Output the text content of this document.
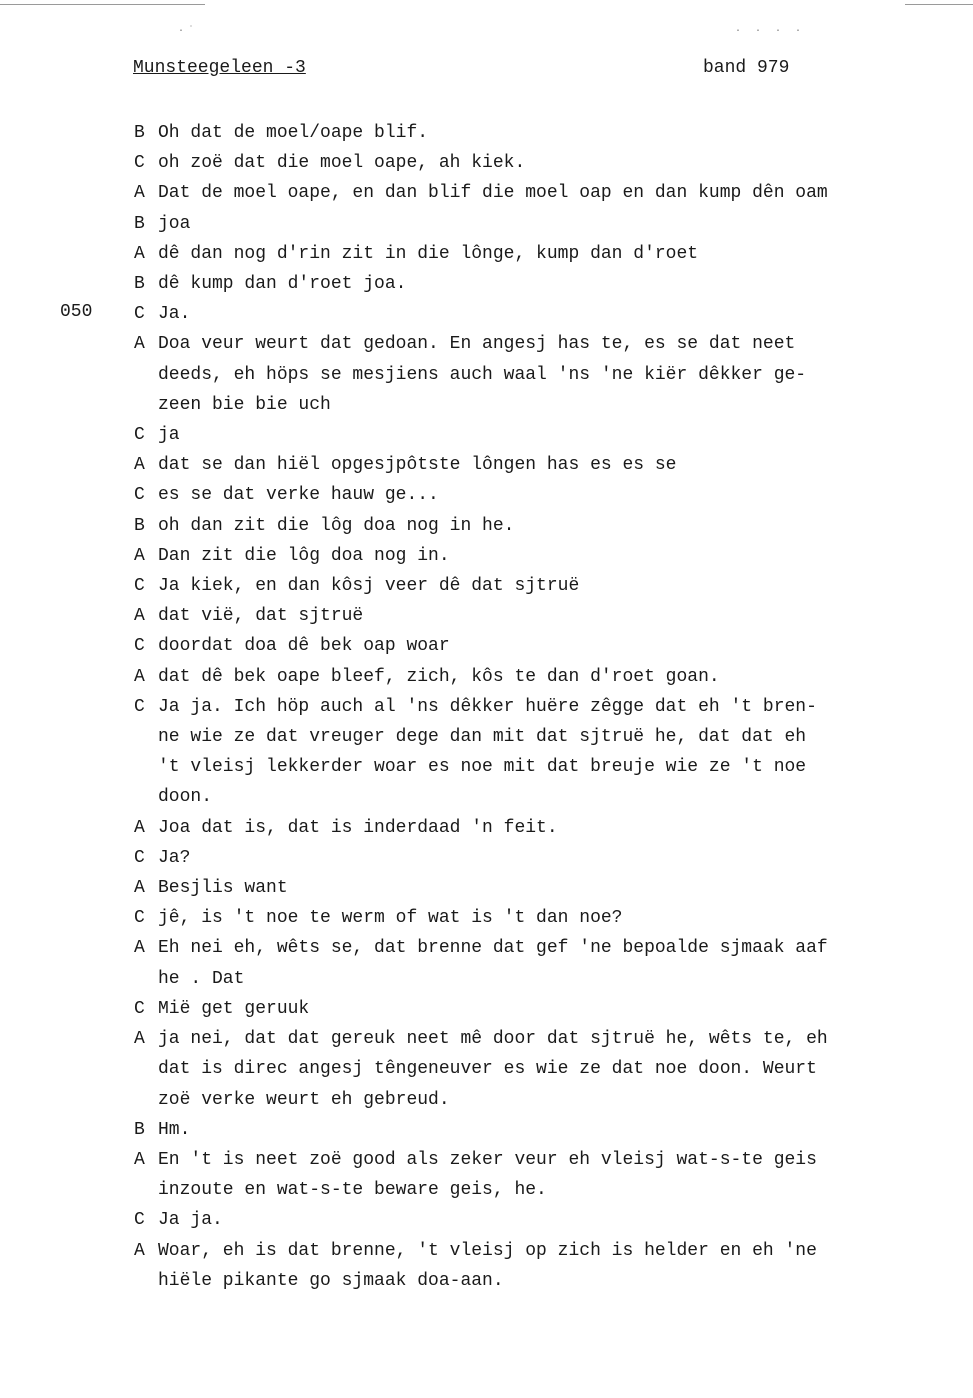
·˙	· · · ·
Munsteegeleen -3	band 979
050
B Oh dat de moel/oape blif.
C oh zoë dat die moel oape, ah kiek.
A Dat de moel oape, en dan blif die moel oap en dan kump dên oam
B joa
A dê dan nog d'rin zit in die lônge, kump dan d'roet
B dê kump dan d'roet joa.
C Ja.
A Doa veur weurt dat gedoan. En angesj has te, es se dat neet
deeds, eh höps se mesjiens auch waal 'ns 'ne kiër dêkker ge-
zeen bie bie uch
C ja
A dat se dan hiël opgesjpôtste lôngen has es es se
C es se dat verke hauw ge...
B oh dan zit die lôg doa nog in he.
A Dan zit die lôg doa nog in.
C Ja kiek, en dan kôsj veer dê dat sjtruë
A dat vië, dat sjtruë
C doordat doa dê bek oap woar
A dat dê bek oape bleef, zich, kôs te dan d'roet goan.
C Ja ja. Ich höp auch al 'ns dêkker huëre zêgge dat eh 't bren-
ne wie ze dat vreuger dege dan mit dat sjtruë he, dat dat eh
't vleisj lekkerder woar es noe mit dat breuje wie ze 't noe
doon.
A Joa dat is, dat is inderdaad 'n feit.
C Ja?
A Besjlis want
C jê, is 't noe te werm of wat is 't dan noe?
A Eh nei eh, wêts se, dat brenne dat gef 'ne bepoalde sjmaak aaf
he . Dat
C Mië get geruuk
A ja nei, dat dat gereuk neet mê door dat sjtruë he, wêts te, eh
dat is direc angesj têngeneuver es wie ze dat noe doon. Weurt
zoë verke weurt eh gebreud.
B Hm.
A En 't is neet zoë good als zeker veur eh vleisj wat-s-te geis
inzoute en wat-s-te beware geis, he.
C Ja ja.
A Woar, eh is dat brenne, 't vleisj op zich is helder en eh 'ne
hiële pikante go sjmaak doa-aan.
